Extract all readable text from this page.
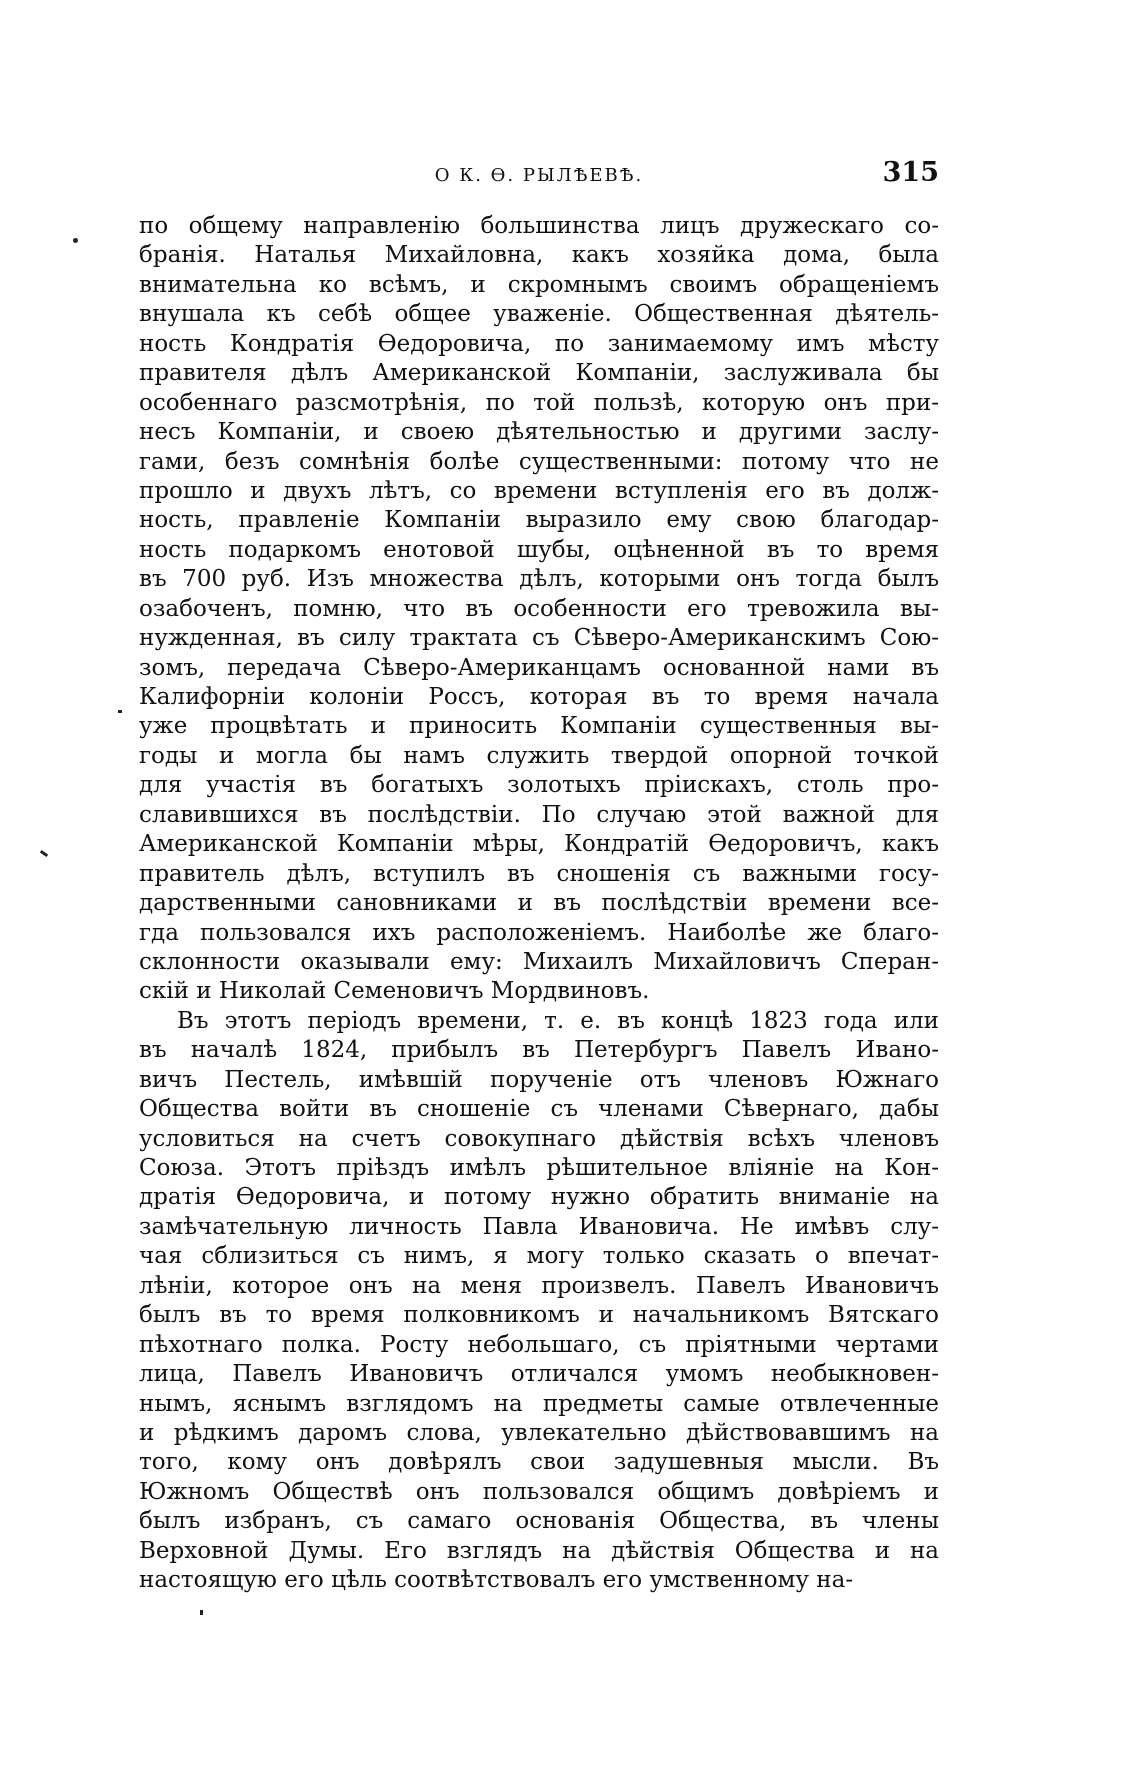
О К. Ѳ. РЫЛѢЕВѢ.	315
по общему направленію большинства лицъ дружескаго со-
бранія. Наталья Михайловна, какъ хозяйка дома, была
внимательна ко всѣмъ, и скромнымъ своимъ обращеніемъ
внушала къ себѣ общее уваженіе. Общественная дѣятель-
ность Кондратія Ѳедоровича, по занимаемому имъ мѣсту
правителя дѣлъ Американской Компаніи, заслуживала бы
особеннаго разсмотрѣнія, по той пользѣ, которую онъ при-
несъ Компаніи, и своею дѣятельностью и другими заслу-
гами, безъ сомнѣнія болѣе существенными: потому что не
прошло и двухъ лѣтъ, со времени вступленія его въ долж-
ность, правленіе Компаніи выразило ему свою благодар-
ность подаркомъ енотовой шубы, оцѣненной въ то время
въ 700 руб. Изъ множества дѣлъ, которыми онъ тогда былъ
озабоченъ, помню, что въ особенности его тревожила вы-
нужденная, въ силу трактата съ Сѣверо-Американскимъ Сою-
зомъ, передача Сѣверо-Американцамъ основанной нами въ
Калифорніи колоніи Россъ, которая въ то время начала
уже процвѣтать и приносить Компаніи существенныя вы-
годы и могла бы намъ служить твердой опорной точкой
для участія въ богатыхъ золотыхъ пріискахъ, столь про-
славившихся въ послѣдствіи. По случаю этой важной для
Американской Компаніи мѣры, Кондратій Ѳедоровичъ, какъ
правитель дѣлъ, вступилъ въ сношенія съ важными госу-
дарственными сановниками и въ послѣдствіи времени все-
гда пользовался ихъ расположеніемъ. Наиболѣе же благо-
склонности оказывали ему: Михаилъ Михайловичъ Сперан-
скій и Николай Семеновичъ Мордвиновъ.
Въ этотъ періодъ времени, т. е. въ концѣ 1823 года или
въ началѣ 1824, прибылъ въ Петербургъ Павелъ Ивано-
вичъ Пестель, имѣвшій порученіе отъ членовъ Южнаго
Общества войти въ сношеніе съ членами Сѣвернаго, дабы
условиться на счетъ совокупнаго дѣйствія всѣхъ членовъ
Союза. Этотъ пріѣздъ имѣлъ рѣшительное вліяніе на Кон-
дратія Ѳедоровича, и потому нужно обратить вниманіе на
замѣчательную личность Павла Ивановича. Не имѣвъ слу-
чая сблизиться съ нимъ, я могу только сказать о впечат-
лѣніи, которое онъ на меня произвелъ. Павелъ Ивановичъ
былъ въ то время полковникомъ и начальникомъ Вятскаго
пѣхотнаго полка. Росту небольшаго, съ пріятными чертами
лица, Павелъ Ивановичъ отличался умомъ необыкновен-
нымъ, яснымъ взглядомъ на предметы самые отвлеченные
и рѣдкимъ даромъ слова, увлекательно дѣйствовавшимъ на
того, кому онъ довѣрялъ свои задушевныя мысли. Въ
Южномъ Обществѣ онъ пользовался общимъ довѣріемъ и
былъ избранъ, съ самаго основанія Общества, въ члены
Верховной Думы. Его взглядъ на дѣйствія Общества и на
настоящую его цѣль соотвѣтствовалъ его умственному на-
